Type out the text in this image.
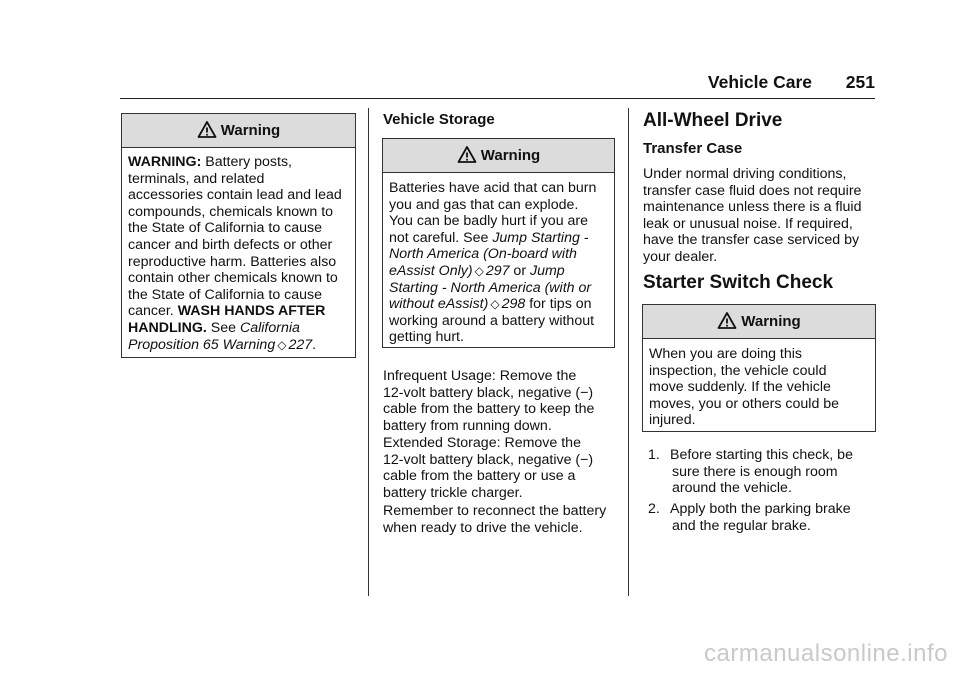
Vehicle Care 251
Warning

WARNING: Battery posts,

terminals, and related

accessories contain lead and lead

compounds, chemicals known to

the State of California to cause

cancer and birth defects or other

reproductive harm. Batteries also

contain other chemicals known to

the State of California to cause

cancer. WASH HANDS AFTER

HANDLING. See California

Proposition 65 Warning ◇ 227.

Vehicle Storage
Warning

Batteries have acid that can burn

you and gas that can explode.

You can be badly hurt if you are

not careful. See Jump Starting -

North America (On-board with

eAssist Only) ◇ 297 or Jump

Starting - North America (with or

without eAssist) ◇ 298 for tips on

working around a battery without

getting hurt.

Infrequent Usage: Remove the
12-volt battery black, negative (−)
cable from the battery to keep the
battery from running down.
Extended Storage: Remove the
12-volt battery black, negative (−)
cable from the battery or use a
battery trickle charger.
Remember to reconnect the battery
when ready to drive the vehicle.
All-Wheel Drive
Transfer Case
Under normal driving conditions,
transfer case fluid does not require
maintenance unless there is a fluid
leak or unusual noise. If required,
have the transfer case serviced by
your dealer.
Starter Switch Check
Warning

When you are doing this

inspection, the vehicle could

move suddenly. If the vehicle

moves, you or others could be

injured.

1. Before starting this check, be
sure there is enough room
around the vehicle.
2. Apply both the parking brake
and the regular brake.
carmanualsonline.info
